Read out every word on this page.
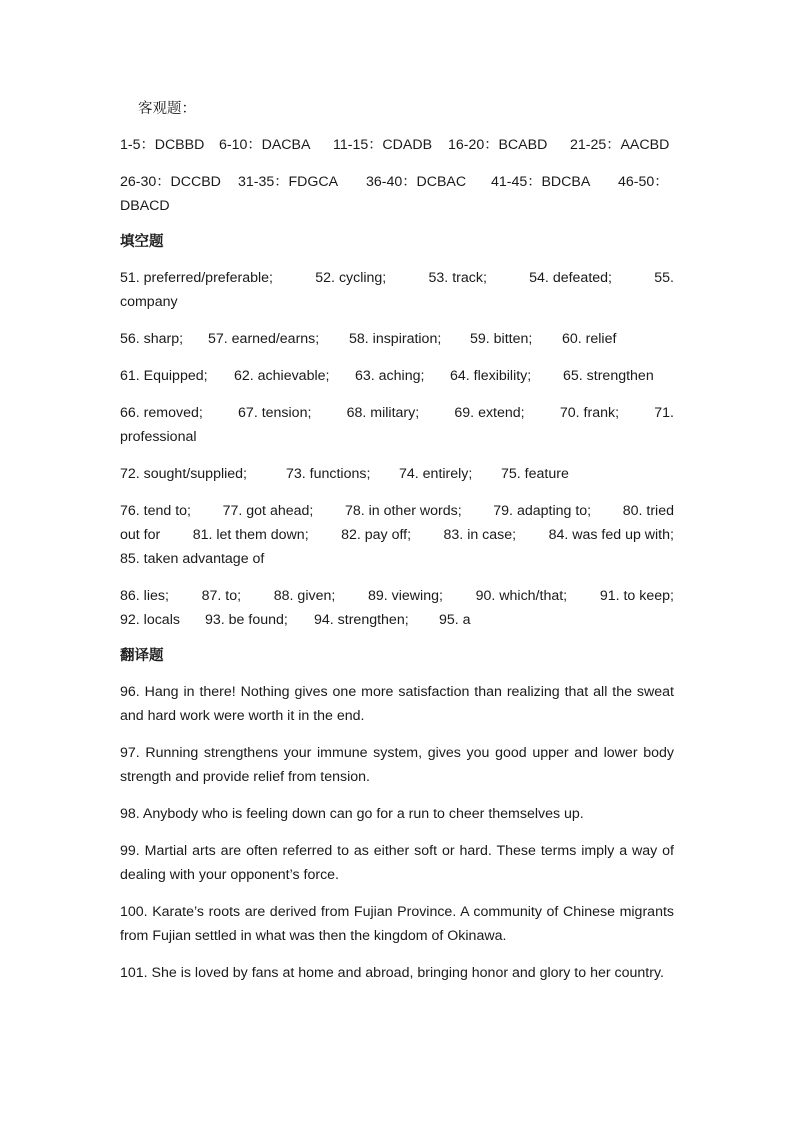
客观题：
1-5：DCBBD	6-10：DACBA	11-15：CDADB	16-20：BCABD	21-25：AACBD
26-30：DCCBD	31-35：FDGCA	36-40：DCBAC	41-45：BDCBA	46-50：
DBACD
填空题
51. preferred/preferable;	52. cycling;	53. track;	54. defeated;	55.
company
56. sharp;	57. earned/earns;	58. inspiration;	59. bitten;	60. relief
61. Equipped;	62. achievable;	63. aching;	64. flexibility;	65. strengthen
66. removed; 67. tension; 68. military; 69. extend; 70. frank; 71.
professional
72. sought/supplied;	73. functions;	74. entirely;	75. feature
76. tend to; 77. got ahead; 78. in other words; 79. adapting to; 80. tried
out for 81. let them down; 82. pay off; 83. in case; 84. was fed up with;
85. taken advantage of
86. lies; 87. to; 88. given; 89. viewing; 90. which/that; 91. to keep;
92. locals	93. be found;	94. strengthen;	95. a
翻译题
96. Hang in there! Nothing gives one more satisfaction than realizing that all the sweat and hard work were worth it in the end.
97. Running strengthens your immune system, gives you good upper and lower body strength and provide relief from tension.
98. Anybody who is feeling down can go for a run to cheer themselves up.
99. Martial arts are often referred to as either soft or hard. These terms imply a way of dealing with your opponent’s force.
100. Karate’s roots are derived from Fujian Province. A community of Chinese migrants from Fujian settled in what was then the kingdom of Okinawa.
101. She is loved by fans at home and abroad, bringing honor and glory to her country.
